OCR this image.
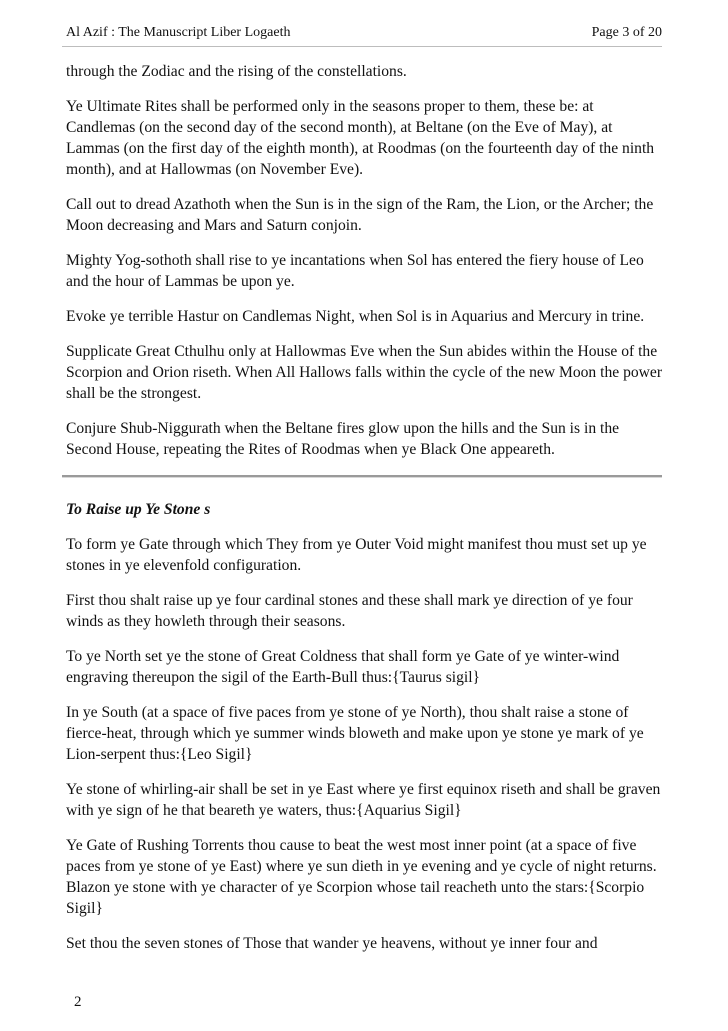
Al Azif : The Manuscript Liber Logaeth	Page 3 of 20

through the Zodiac and the rising of the constellations.

Ye Ultimate Rites shall be performed only in the seasons proper to them, these be: at Candlemas (on the second day of the second month), at Beltane (on the Eve of May), at Lammas (on the first day of the eighth month), at Roodmas (on the fourteenth day of the ninth month), and at Hallowmas (on November Eve).

Call out to dread Azathoth when the Sun is in the sign of the Ram, the Lion, or the Archer; the Moon decreasing and Mars and Saturn conjoin.

Mighty Yog-sothoth shall rise to ye incantations when Sol has entered the fiery house of Leo and the hour of Lammas be upon ye.

Evoke ye terrible Hastur on Candlemas Night, when Sol is in Aquarius and Mercury in trine.

Supplicate Great Cthulhu only at Hallowmas Eve when the Sun abides within the House of the Scorpion and Orion riseth. When All Hallows falls within the cycle of the new Moon the power shall be the strongest.

Conjure Shub-Niggurath when the Beltane fires glow upon the hills and the Sun is in the Second House, repeating the Rites of Roodmas when ye Black One appeareth.

To Raise up Ye Stone s

To form ye Gate through which They from ye Outer Void might manifest thou must set up ye stones in ye elevenfold configuration.

First thou shalt raise up ye four cardinal stones and these shall mark ye direction of ye four winds as they howleth through their seasons.

To ye North set ye the stone of Great Coldness that shall form ye Gate of ye winter-wind engraving thereupon the sigil of the Earth-Bull thus:{Taurus sigil}

In ye South (at a space of five paces from ye stone of ye North), thou shalt raise a stone of fierce-heat, through which ye summer winds bloweth and make upon ye stone ye mark of ye Lion-serpent thus:{Leo Sigil}

Ye stone of whirling-air shall be set in ye East where ye first equinox riseth and shall be graven with ye sign of he that beareth ye waters, thus:{Aquarius Sigil}

Ye Gate of Rushing Torrents thou cause to beat the west most inner point (at a space of five paces from ye stone of ye East) where ye sun dieth in ye evening and ye cycle of night returns. Blazon ye stone with ye character of ye Scorpion whose tail reacheth unto the stars:{Scorpio Sigil}

Set thou the seven stones of Those that wander ye heavens, without ye inner four and

2
